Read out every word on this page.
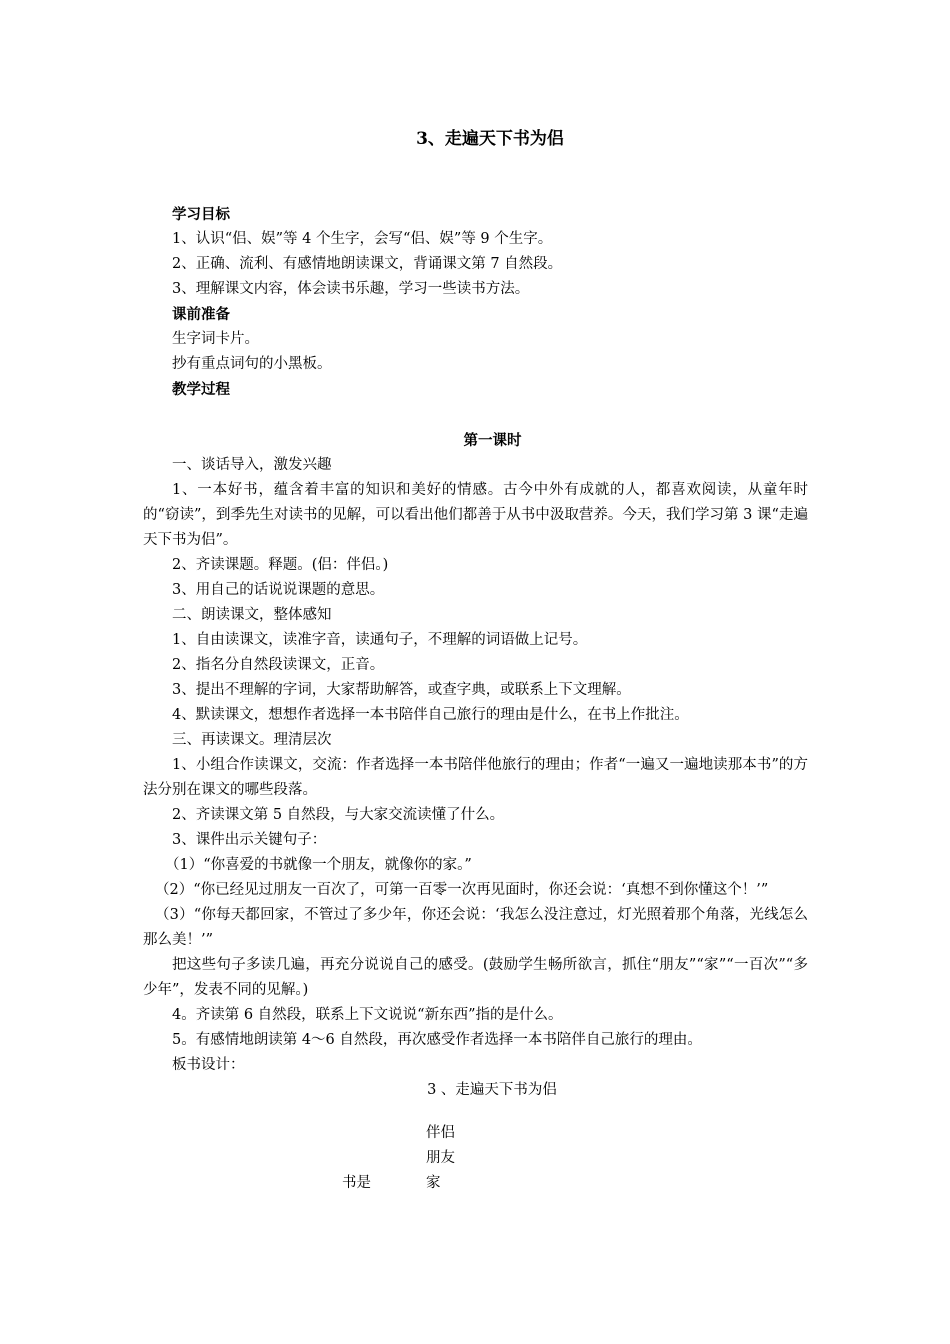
3、走遍天下书为侣

学习目标

1、认识“侣、娱”等 4 个生字，会写“侣、娱”等 9 个生字。

2、正确、流利、有感情地朗读课文，背诵课文第 7 自然段。

3、理解课文内容，体会读书乐趣，学习一些读书方法。

课前准备

生字词卡片。

抄有重点词句的小黑板。

教学过程

第一课时

一、谈话导入，激发兴趣

1、一本好书，蕴含着丰富的知识和美好的情感。古今中外有成就的人，都喜欢阅读，从童年时的“窃读”，到季先生对读书的见解，可以看出他们都善于从书中汲取营养。今天，我们学习第 3 课“走遍天下书为侣”。

2、齐读课题。释题。(侣：伴侣。)

3、用自己的话说说课题的意思。

二、朗读课文，整体感知

1、自由读课文，读准字音，读通句子，不理解的词语做上记号。

2、指名分自然段读课文，正音。

3、提出不理解的字词，大家帮助解答，或查字典，或联系上下文理解。

4、默读课文，想想作者选择一本书陪伴自己旅行的理由是什么，在书上作批注。

三、再读课文。理清层次

1、小组合作读课文，交流：作者选择一本书陪伴他旅行的理由；作者“一遍又一遍地读那本书”的方法分别在课文的哪些段落。

2、齐读课文第 5 自然段，与大家交流读懂了什么。

3、课件出示关键句子：

（1）“你喜爱的书就像一个朋友，就像你的家。”

（2）“你已经见过朋友一百次了，可第一百零一次再见面时，你还会说：‘真想不到你懂这个！’”

（3）“你每天都回家，不管过了多少年，你还会说：‘我怎么没注意过，灯光照着那个角落，光线怎么那么美！’”

把这些句子多读几遍，再充分说说自己的感受。(鼓励学生畅所欲言，抓住“朋友”“家”“一百次”“多少年”，发表不同的见解。)

4。齐读第 6 自然段，联系上下文说说“新东西”指的是什么。

5。有感情地朗读第 4～6 自然段，再次感受作者选择一本书陪伴自己旅行的理由。

板书设计：

3 、走遍天下书为侣

伴侣
朋友
书是	家
